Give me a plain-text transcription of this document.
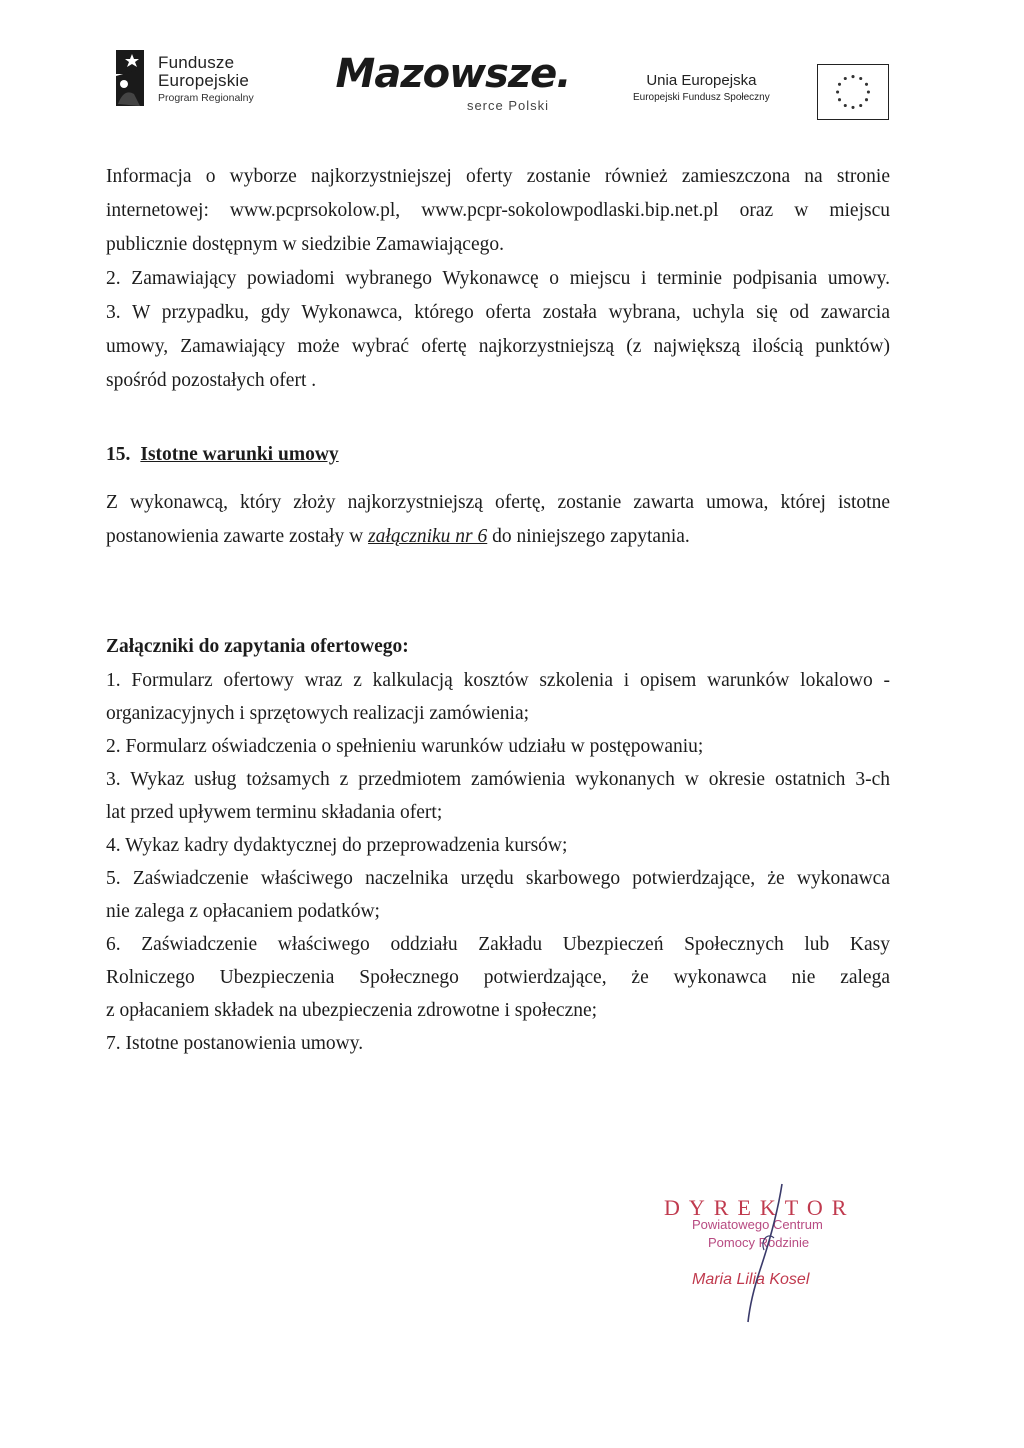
Fundusze
Europejskie
Program Regionalny
Mazowsze.
serce Polski
Unia Europejska
Europejski Fundusz Społeczny

Informacja o wyborze najkorzystniejszej oferty zostanie również zamieszczona na stronie
internetowej: www.pcprsokolow.pl, www.pcpr-sokolowpodlaski.bip.net.pl oraz w miejscu
publicznie dostępnym w siedzibie Zamawiającego.

2. Zamawiający powiadomi wybranego Wykonawcę o miejscu i terminie podpisania umowy.

3. W przypadku, gdy Wykonawca, którego oferta została wybrana, uchyla się od zawarcia
umowy, Zamawiający może wybrać ofertę najkorzystniejszą (z największą ilością punktów)
spośród pozostałych ofert .

15. Istotne warunki umowy

Z wykonawcą, który złoży najkorzystniejszą ofertę, zostanie zawarta umowa, której istotne
postanowienia zawarte zostały w załączniku nr 6 do niniejszego zapytania.

Załączniki do zapytania ofertowego:

1. Formularz ofertowy wraz z kalkulacją kosztów szkolenia i opisem warunków lokalowo -
organizacyjnych i sprzętowych realizacji zamówienia;
2. Formularz oświadczenia o spełnieniu warunków udziału w postępowaniu;
3. Wykaz usług tożsamych z przedmiotem zamówienia wykonanych w okresie ostatnich 3-ch
lat przed upływem terminu składania ofert;
4. Wykaz kadry dydaktycznej do przeprowadzenia kursów;
5. Zaświadczenie właściwego naczelnika urzędu skarbowego potwierdzające, że wykonawca
nie zalega z opłacaniem podatków;
6. Zaświadczenie właściwego oddziału Zakładu Ubezpieczeń Społecznych lub Kasy
Rolniczego Ubezpieczenia Społecznego potwierdzające, że wykonawca nie zalega
z opłacaniem składek na ubezpieczenia zdrowotne i społeczne;
7. Istotne postanowienia umowy.
DYREKTOR
Powiatowego Centrum
Pomocy Rodzinie
Maria Lilia Kosel
